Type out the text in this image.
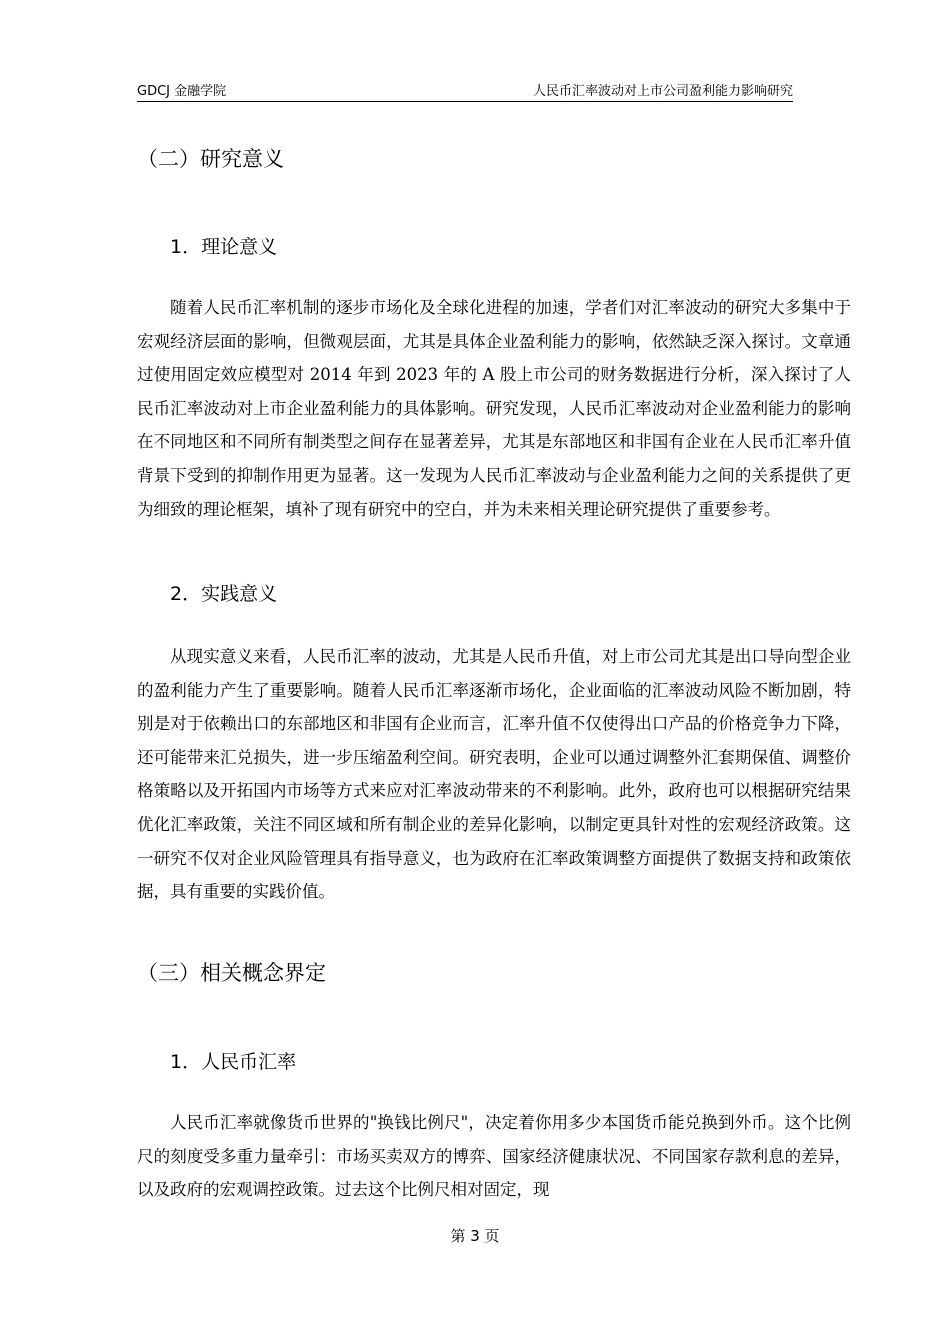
GDCJ 金融学院	人民币汇率波动对上市公司盈利能力影响研究
（二）研究意义
1．理论意义

随着人民币汇率机制的逐步市场化及全球化进程的加速，学者们对汇率波动的研究大多集中于宏观经济层面的影响，但微观层面，尤其是具体企业盈利能力的影响，依然缺乏深入探讨。文章通过使用固定效应模型对 2014 年到 2023 年的 A 股上市公司的财务数据进行分析，深入探讨了人民币汇率波动对上市企业盈利能力的具体影响。研究发现，人民币汇率波动对企业盈利能力的影响在不同地区和不同所有制类型之间存在显著差异，尤其是东部地区和非国有企业在人民币汇率升值背景下受到的抑制作用更为显著。这一发现为人民币汇率波动与企业盈利能力之间的关系提供了更为细致的理论框架，填补了现有研究中的空白，并为未来相关理论研究提供了重要参考。

2．实践意义

从现实意义来看，人民币汇率的波动，尤其是人民币升值，对上市公司尤其是出口导向型企业的盈利能力产生了重要影响。随着人民币汇率逐渐市场化，企业面临的汇率波动风险不断加剧，特别是对于依赖出口的东部地区和非国有企业而言，汇率升值不仅使得出口产品的价格竞争力下降，还可能带来汇兑损失，进一步压缩盈利空间。研究表明，企业可以通过调整外汇套期保值、调整价格策略以及开拓国内市场等方式来应对汇率波动带来的不利影响。此外，政府也可以根据研究结果优化汇率政策，关注不同区域和所有制企业的差异化影响，以制定更具针对性的宏观经济政策。这一研究不仅对企业风险管理具有指导意义，也为政府在汇率政策调整方面提供了数据支持和政策依据，具有重要的实践价值。

（三）相关概念界定
1．人民币汇率

人民币汇率就像货币世界的"换钱比例尺"，决定着你用多少本国货币能兑换到外币。这个比例尺的刻度受多重力量牵引：市场买卖双方的博弈、国家经济健康状况、不同国家存款利息的差异，以及政府的宏观调控政策。过去这个比例尺相对固定，现

第 3 页
